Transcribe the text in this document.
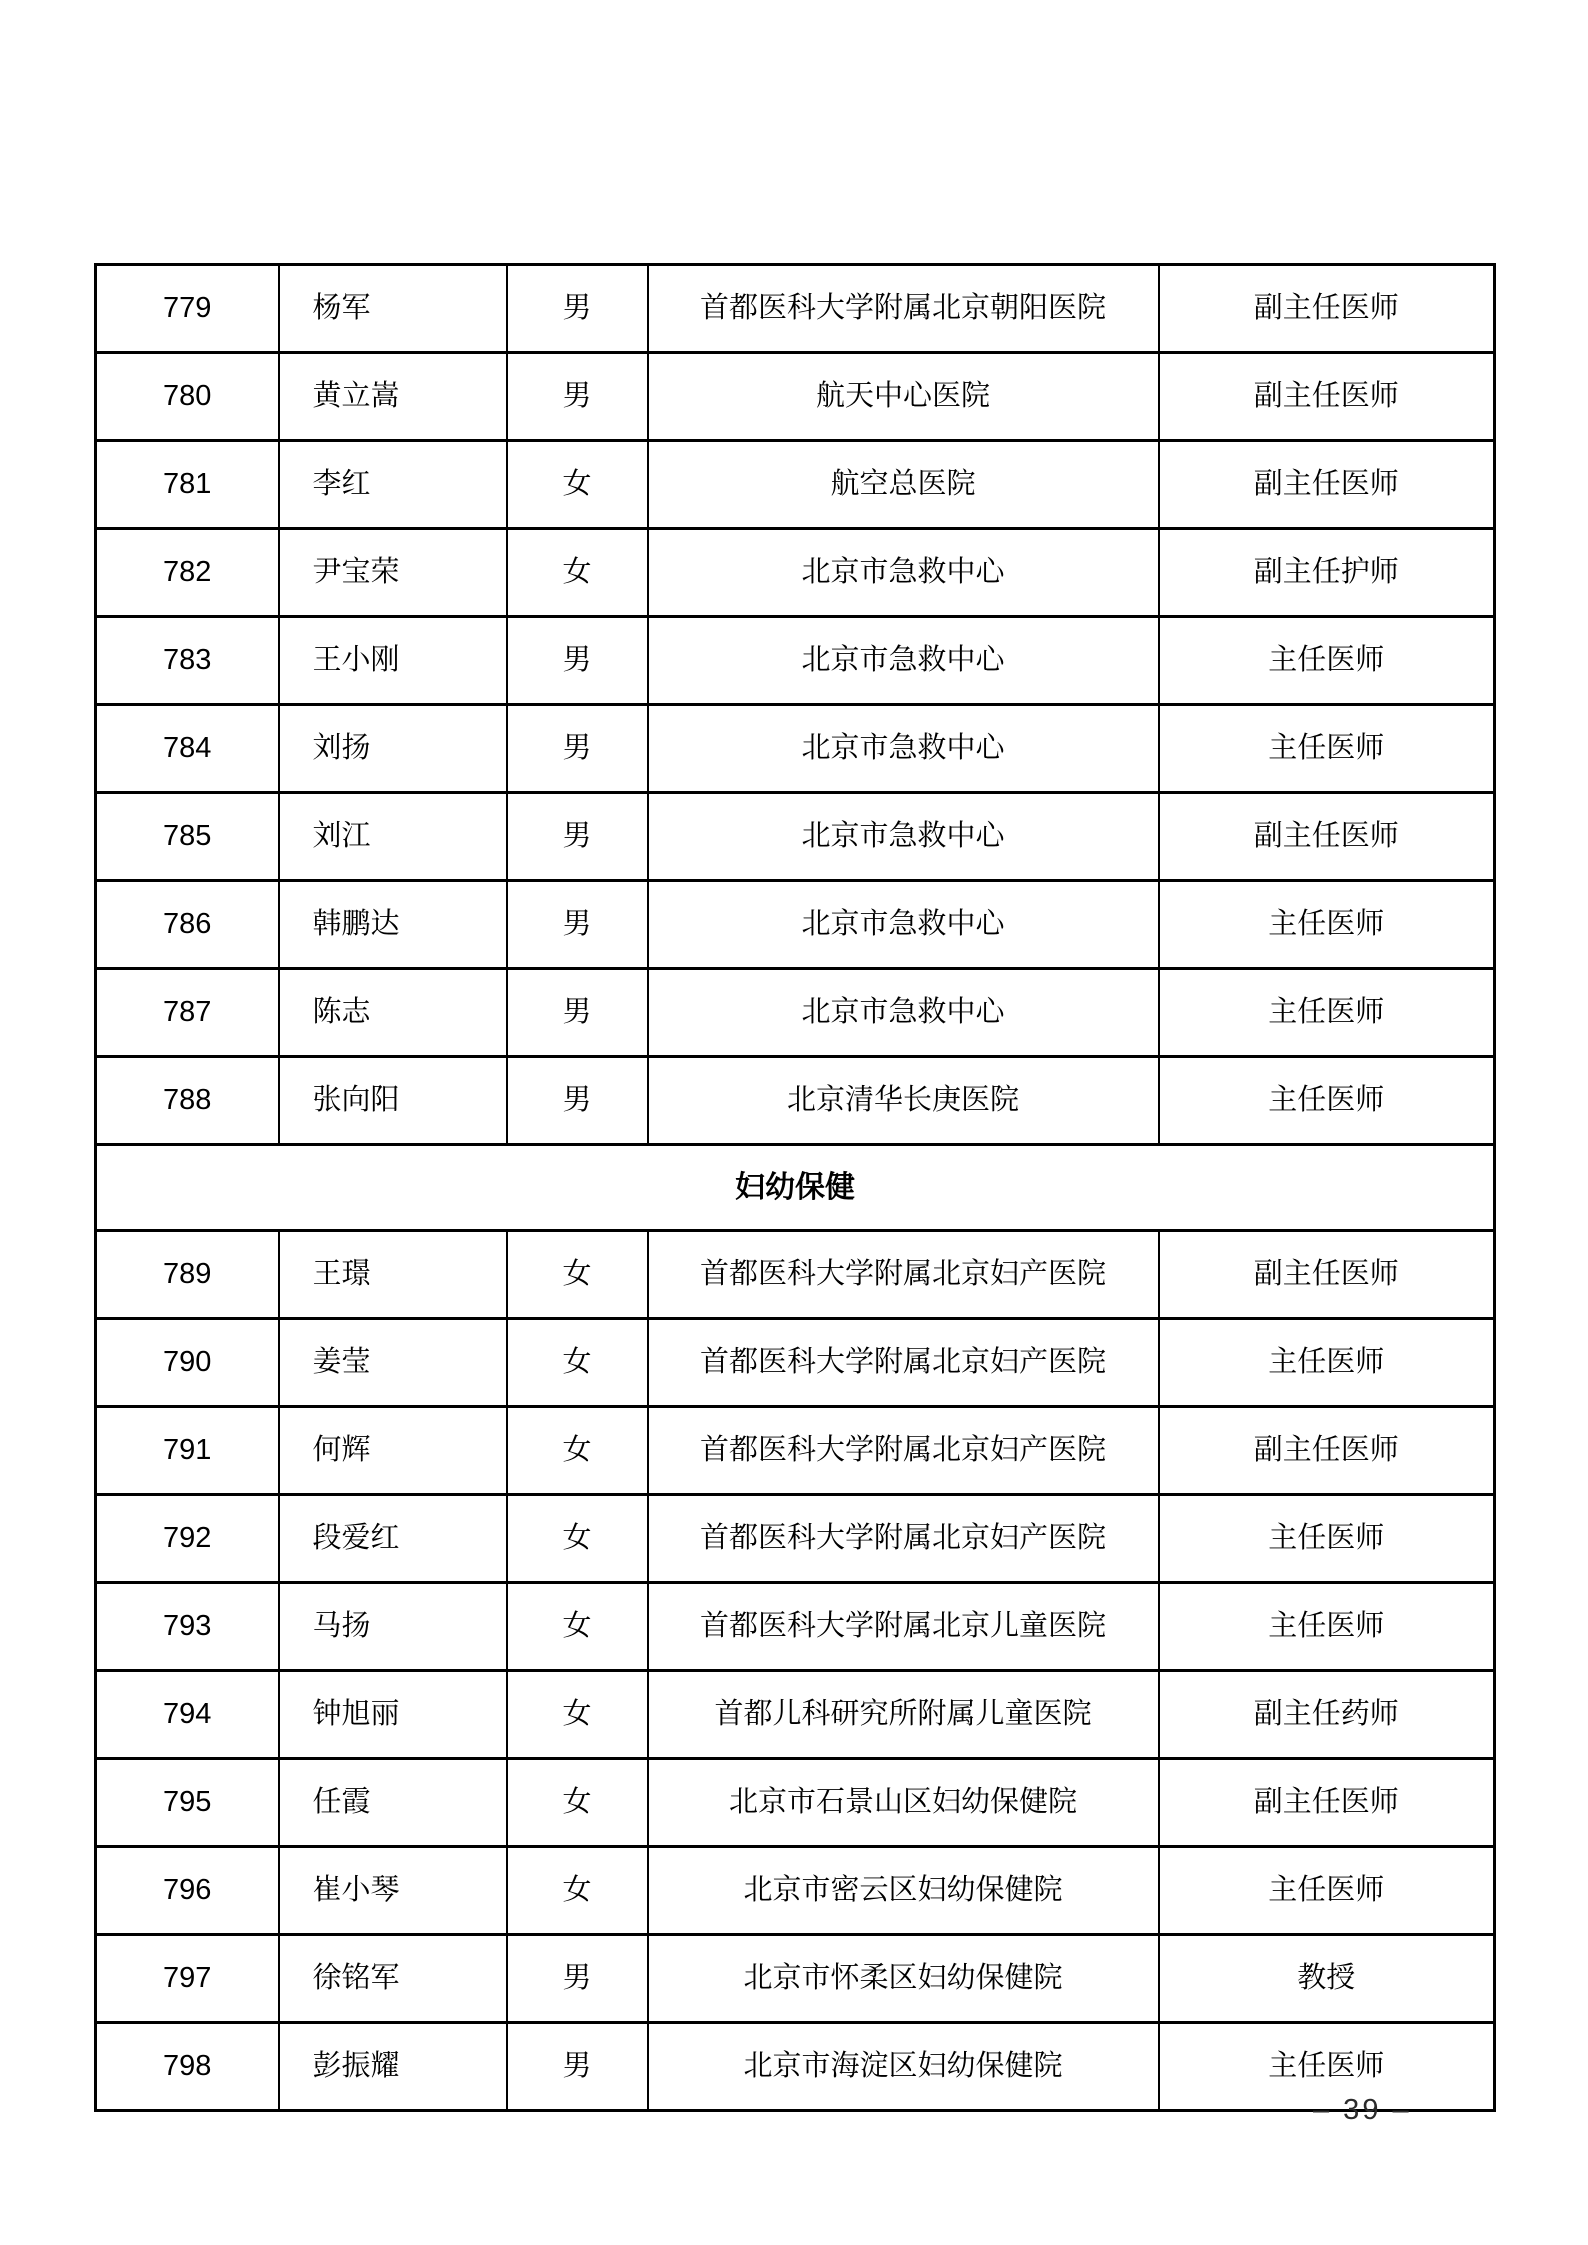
779	杨军	男	首都医科大学附属北京朝阳医院	副主任医师
780	黄立嵩	男	航天中心医院	副主任医师
781	李红	女	航空总医院	副主任医师
782	尹宝荣	女	北京市急救中心	副主任护师
783	王小刚	男	北京市急救中心	主任医师
784	刘扬	男	北京市急救中心	主任医师
785	刘江	男	北京市急救中心	副主任医师
786	韩鹏达	男	北京市急救中心	主任医师
787	陈志	男	北京市急救中心	主任医师
788	张向阳	男	北京清华长庚医院	主任医师
妇幼保健				
789	王璟	女	首都医科大学附属北京妇产医院	副主任医师
790	姜莹	女	首都医科大学附属北京妇产医院	主任医师
791	何辉	女	首都医科大学附属北京妇产医院	副主任医师
792	段爱红	女	首都医科大学附属北京妇产医院	主任医师
793	马扬	女	首都医科大学附属北京儿童医院	主任医师
794	钟旭丽	女	首都儿科研究所附属儿童医院	副主任药师
795	任霞	女	北京市石景山区妇幼保健院	副主任医师
796	崔小琴	女	北京市密云区妇幼保健院	主任医师
797	徐铭军	男	北京市怀柔区妇幼保健院	教授
798	彭振耀	男	北京市海淀区妇幼保健院	主任医师
– 39 –
